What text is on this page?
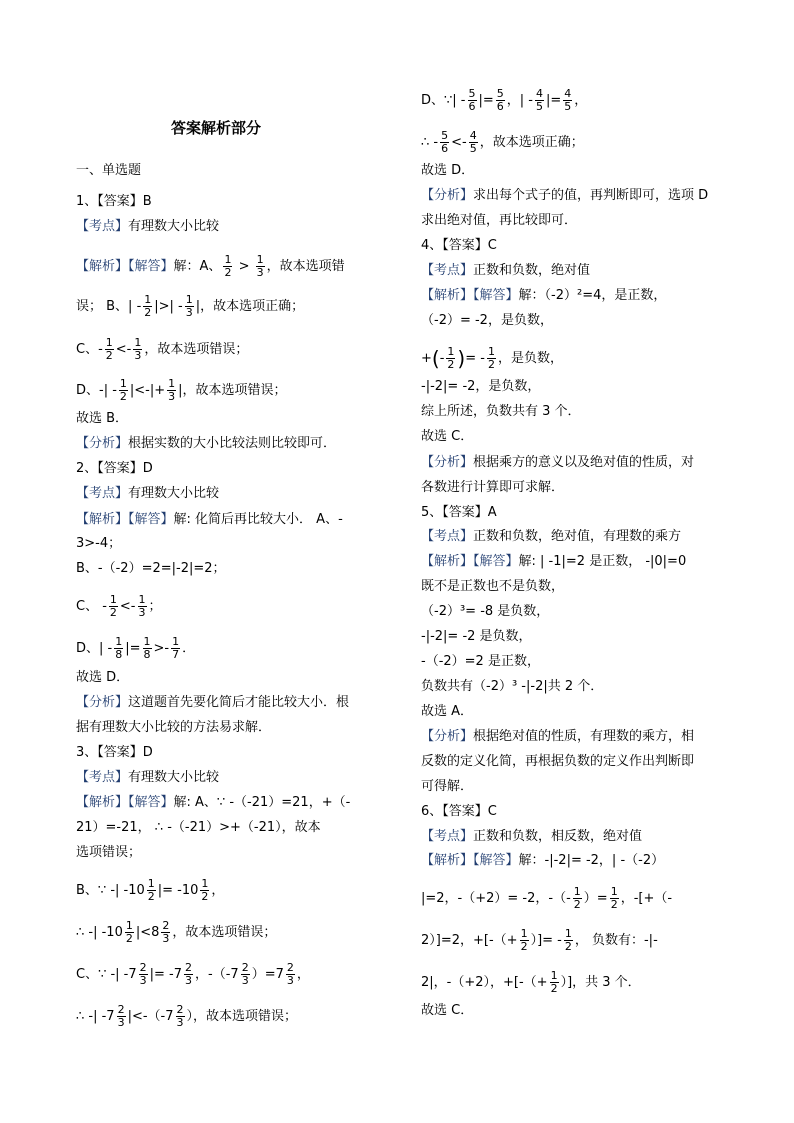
答案解析部分
一、单选题
1、【答案】B
【考点】有理数大小比较
【解析】【解答】解：A、 $\frac{1}{2} > \frac{1}{3}$ ，故本选项错
误； B、| - $\frac{1}{2}$ |>| - $\frac{1}{3}$ |，故本选项正确；
C、- $\frac{1}{2} <- \frac{1}{3}$ ，故本选项错误；
D、-| - $\frac{1}{2}$ |<-|+ $\frac{1}{3}$ |，故本选项错误；
故选 B．
【分析】根据实数的大小比较法则比较即可．
2、【答案】D
【考点】有理数大小比较
【解析】【解答】解: 化简后再比较大小． A、-
3>-4；
B、-（-2）=2=|-2|=2；
C、 - $\frac{1}{2} <- \frac{1}{3}$ ；
D、| - $\frac{1}{8}$ |= $\frac{1}{8} >- \frac{1}{7}$ ．
故选 D．
【分析】这道题首先要化简后才能比较大小．根
据有理数大小比较的方法易求解．
3、【答案】D
【考点】有理数大小比较
【解析】【解答】解: A、∵ -（-21）=21，+（-
21）=-21， ∴ -（-21）>+（-21），故本
选项错误；
B、∵ -| $-10 \frac{1}{2}$ |= $-10 \frac{1}{2}$ ，
∴ -| $-10 \frac{1}{2} |<8 \frac{2}{3}$ ，故本选项错误；
C、∵ -| $-7 \frac{2}{3}$ |= $-7 \frac{2}{3}$ ，$-(-7 \frac{2}{3} )=7 \frac{2}{3}$ ，
∴ -| $-7 \frac{2}{3} |<-(-7 \frac{2}{3}$ ），故本选项错误；
D、∵| - $\frac{5}{6}$ |= $\frac{5}{6}$ ，| - $\frac{4}{5}$ |= $\frac{4}{5}$ ，
∴ - $\frac{5}{6} <- \frac{4}{5}$ ，故本选项正确；
故选 D．
【分析】求出每个式子的值，再判断即可，选项 D
求出绝对值，再比较即可．
4、【答案】C
【考点】正数和负数，绝对值
【解析】【解答】解：（-2）²=4，是正数，
（-2）= -2，是负数，
+(- $\frac{1}{2}$ )= - $\frac{1}{2}$ ，是负数，
-|-2|= -2，是负数，
综上所述，负数共有 3 个．
故选 C．
【分析】根据乘方的意义以及绝对值的性质，对
各数进行计算即可求解．
5、【答案】A
【考点】正数和负数，绝对值，有理数的乘方
【解析】【解答】解: | -1|=2 是正数， -|0|=0
既不是正数也不是负数，
（-2）³= -8 是负数，
-|-2|= -2 是负数，
-（-2）=2 是正数，
负数共有（-2）³ -|-2|共 2 个．
故选 A．
【分析】根据绝对值的性质，有理数的乘方，相
反数的定义化简，再根据负数的定义作出判断即
可得解．
6、【答案】C
【考点】正数和负数，相反数，绝对值
【解析】【解答】解：-|-2|= -2，| -（-2）
|=2，-（+2）= -2，-（- $\frac{1}{2}$ ）= $\frac{1}{2}$ ，-[+（-
2）]=2，+[-（+ $\frac{1}{2}$ ）]= - $\frac{1}{2}$ ， 负数有：-|-
2|，-（+2），+[-（+ $\frac{1}{2}$ ）]，共 3 个．
故选 C．
